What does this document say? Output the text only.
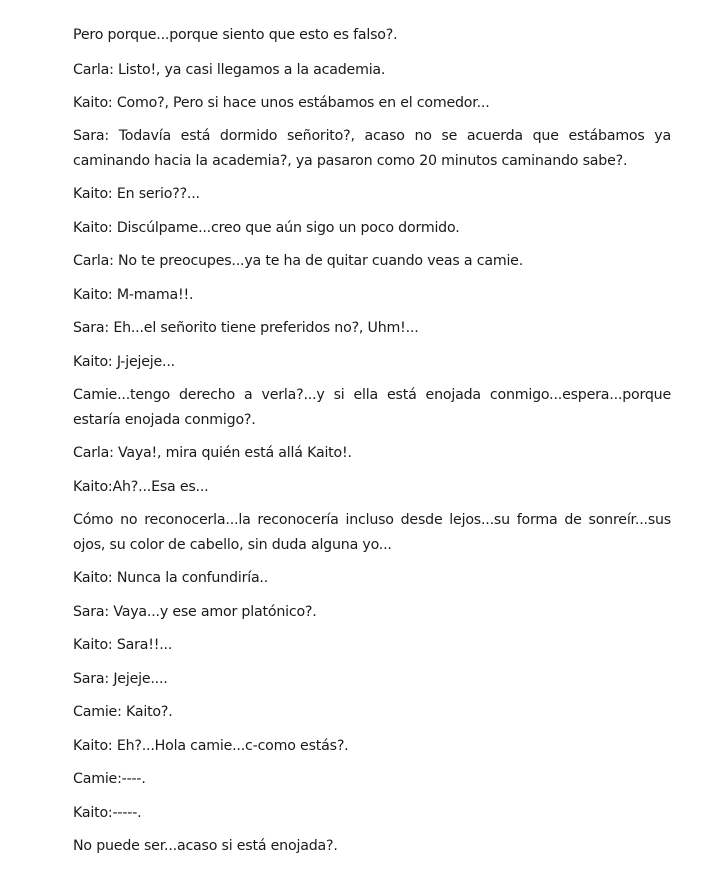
Pero porque...porque siento que esto es falso?.

Carla: Listo!, ya casi llegamos a la academia.

Kaito: Como?, Pero si hace unos estábamos en el comedor...

Sara: Todavía está dormido señorito?, acaso no se acuerda que estábamos ya caminando hacia la academia?, ya pasaron como 20 minutos caminando sabe?.

Kaito: En serio??...

Kaito: Discúlpame...creo que aún sigo un poco dormido.

Carla: No te preocupes...ya te ha de quitar cuando veas a camie.

Kaito: M-mama!!.

Sara: Eh...el señorito tiene preferidos no?, Uhm!...

Kaito: J-jejeje...

Camie...tengo derecho a verla?...y si ella está enojada conmigo...espera...porque estaría enojada conmigo?.

Carla: Vaya!, mira quién está allá Kaito!.

Kaito:Ah?...Esa es...

Cómo no reconocerla...la reconocería incluso desde lejos...su forma de sonreír...sus ojos, su color de cabello, sin duda alguna yo...

Kaito: Nunca la confundiría..

Sara: Vaya...y ese amor platónico?.

Kaito: Sara!!...

Sara: Jejeje....

Camie: Kaito?.

Kaito: Eh?...Hola camie...c-como estás?.

Camie:----.

Kaito:-----.

No puede ser...acaso si está enojada?.
